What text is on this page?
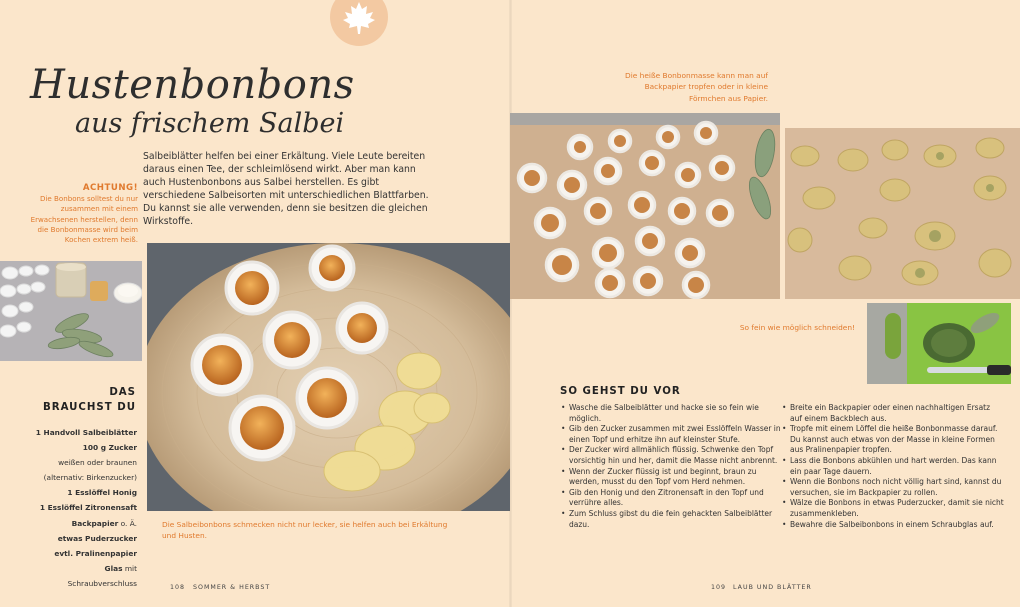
Hustenbonbons
aus frischem Salbei
Salbeiblätter helfen bei einer Erkältung. Viele Leute bereiten daraus einen Tee, der schleimlösend wirkt. Aber man kann auch Hustenbonbons aus Salbei herstellen. Es gibt verschiedene Salbeisorten mit unterschiedlichen Blattfarben. Du kannst sie alle verwenden, denn sie besitzen die gleichen Wirkstoffe.
ACHTUNG!
Die Bonbons solltest du nur zusammen mit einem Erwachsenen herstellen, denn die Bonbonmasse wird beim Kochen extrem heiß.
DAS
BRAUCHST DU
1 Handvoll Salbeiblätter
100 g Zucker
weißen oder braunen
(alternativ: Birkenzucker)
1 Esslöffel Honig
1 Esslöffel Zitronensaft
Backpapier o. Ä.
etwas Puderzucker
evtl. Pralinenpapier
Glas mit
Schraubverschluss
Die Salbeibonbons schmecken nicht nur lecker, sie helfen auch bei Erkältung und Husten.
108 SOMMER & HERBST
Die heiße Bonbonmasse kann man auf Backpapier tropfen oder in kleine Förmchen aus Papier.
So fein wie möglich schneiden!
SO GEHST DU VOR
• Wasche die Salbeiblätter und hacke sie so fein wie möglich.
• Gib den Zucker zusammen mit zwei Esslöffeln Wasser in einen Topf und erhitze ihn auf kleinster Stufe.
• Der Zucker wird allmählich flüssig. Schwenke den Topf vorsichtig hin und her, damit die Masse nicht anbrennt.
• Wenn der Zucker flüssig ist und beginnt, braun zu werden, musst du den Topf vom Herd nehmen.
• Gib den Honig und den Zitronensaft in den Topf und verrühre alles.
• Zum Schluss gibst du die fein gehackten Salbeiblätter dazu.
• Breite ein Backpapier oder einen nachhaltigen Ersatz auf einem Backblech aus.
• Tropfe mit einem Löffel die heiße Bonbonmasse darauf. Du kannst auch etwas von der Masse in kleine Formen aus Pralinenpapier tropfen.
• Lass die Bonbons abkühlen und hart werden. Das kann ein paar Tage dauern.
• Wenn die Bonbons noch nicht völlig hart sind, kannst du versuchen, sie im Backpapier zu rollen.
• Wälze die Bonbons in etwas Puderzucker, damit sie nicht zusammenkleben.
• Bewahre die Salbeibonbons in einem Schraubglas auf.
109 LAUB UND BLÄTTER
